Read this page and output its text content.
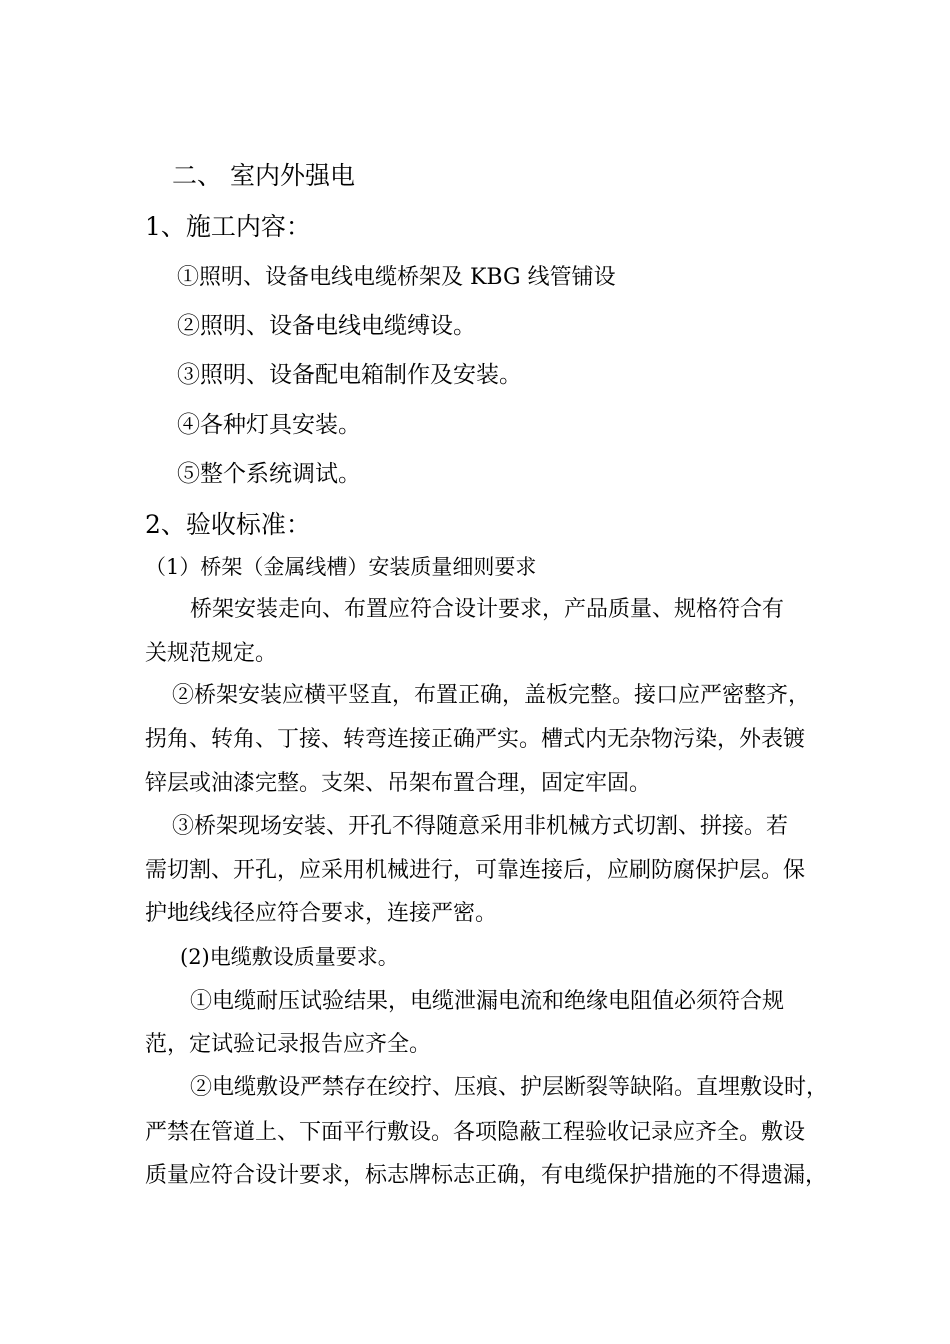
二、 室内外强电
1、施工内容：
①照明、设备电线电缆桥架及 KBG 线管铺设
②照明、设备电线电缆缚设。
③照明、设备配电箱制作及安装。
④各种灯具安装。
⑤整个系统调试。
2、验收标准：
（1）桥架（金属线槽）安装质量细则要求
桥架安装走向、布置应符合设计要求，产品质量、规格符合有
关规范规定。
②桥架安装应横平竖直，布置正确，盖板完整。接口应严密整齐，
拐角、转角、丁接、转弯连接正确严实。槽式内无杂物污染，外表镀
锌层或油漆完整。支架、吊架布置合理，固定牢固。
③桥架现场安装、开孔不得随意采用非机械方式切割、拼接。若
需切割、开孔，应采用机械进行，可靠连接后，应刷防腐保护层。保
护地线线径应符合要求，连接严密。
(2)电缆敷设质量要求。
①电缆耐压试验结果，电缆泄漏电流和绝缘电阻值必须符合规
范，定试验记录报告应齐全。
②电缆敷设严禁存在绞拧、压痕、护层断裂等缺陷。直埋敷设时，
严禁在管道上、下面平行敷设。各项隐蔽工程验收记录应齐全。敷设
质量应符合设计要求，标志牌标志正确，有电缆保护措施的不得遗漏，
